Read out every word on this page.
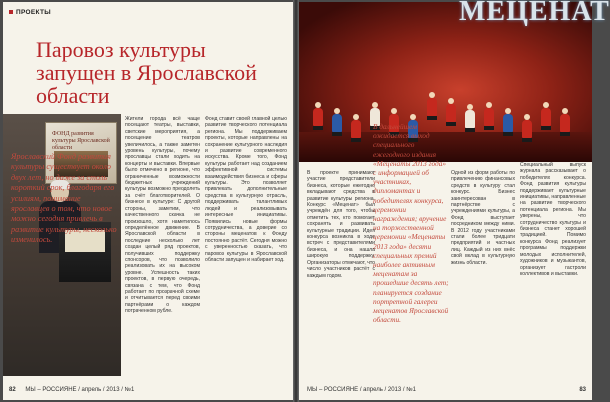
ПРОЕКТЫ
Паровоз культуры запущен в Ярославской области
ФОНД развития культуры Ярославской области
Ярославский Фонд развития культуры существует около двух лет, но даже за столь короткий срок, благодаря его усилиям, понимание ярославцев о том, что новое можно сегодня привлечь в развитие культуры, несколько изменилось.
Жители города всё чаще посещают театры, выставки, светские мероприятия, а посещение театров увеличилось, а также заметен уровень культуры, почему ярославцы стали ходить на концерты и выставки. Впервые было отмечено в регионе, что ограниченные возможности бюджетных учреждений культуры возможно преодолеть за счёт благотворителей. О бизнесе в культуре: С другой стороны, заметим, что качественного скачка не произошло, хотя наметилось определённое движение. В Ярославской области в последние несколько лет создан целый ряд проектов, получивших поддержку спонсоров, что позволило реализовать их на высоком уровне. Успешность таких проектов, в первую очередь, связана с тем, что Фонд работает по прозрачной схеме и отчитывается перед своими партнёрами о каждом потраченном рубле.
Фонд ставит своей главной целью развитие творческого потенциала региона. Мы поддерживаем проекты, которые направлены на сохранение культурного наследия и развитие современного искусства. Кроме того, Фонд культуры работает над созданием эффективной системы взаимодействия бизнеса и сферы культуры. Это позволяет привлекать дополнительные средства в культурную отрасль, поддерживать талантливых людей и реализовывать интересные инициативы. Появились новые формы сотрудничества, а доверие со стороны меценатов к Фонду постоянно растёт. Сегодня можно с уверенностью сказать, что паровоз культуры в Ярославской области запущен и набирает ход.
82 МЫ – РОССИЯНЕ / апрель / 2013 / №1
МЕЦЕНАТ
В дальнейшем ожидается выход специального ежегодного издания «Меценаты 2013 года» с информацией об участниках, дипломантах и победителях конкурса, церемонии награждения; вручение на торжественной церемонии «Меценаты 2013 года» десяти специальных премий наиболее активным меценатам за прошедшие десять лет; планируется создание портретной галереи меценатов Ярославской области.
В проекте принимают участие представители бизнеса, которые ежегодно вкладывают средства в развитие культуры региона. Конкурс «Меценат» был учреждён для того, чтобы отметить тех, кто помогает сохранять и развивать культурные традиции. Идея конкурса возникла в ходе встреч с представителями бизнеса, и она нашла широкую поддержку. Организаторы отмечают, что число участников растёт с каждым годом.
Одной из форм работы по привлечению финансовых средств в культуру стал конкурс. Бизнес заинтересован в партнёрстве с учреждениями культуры, а Фонд выступает посредником между ними. В 2012 году участниками стали более тридцати предприятий и частных лиц. Каждый из них внёс свой вклад в культурную жизнь области.
Специальный выпуск журнала рассказывает о победителях конкурса. Фонд развития культуры поддерживает культурные инициативы, направленные на развитие творческого потенциала региона. Мы уверены, что сотрудничество культуры и бизнеса станет хорошей традицией. Помимо конкурса Фонд реализует программы поддержки молодых исполнителей, художников и музыкантов, организует гастроли коллективов и выставки.
МЫ – РОССИЯНЕ / апрель / 2013 / №1	83
